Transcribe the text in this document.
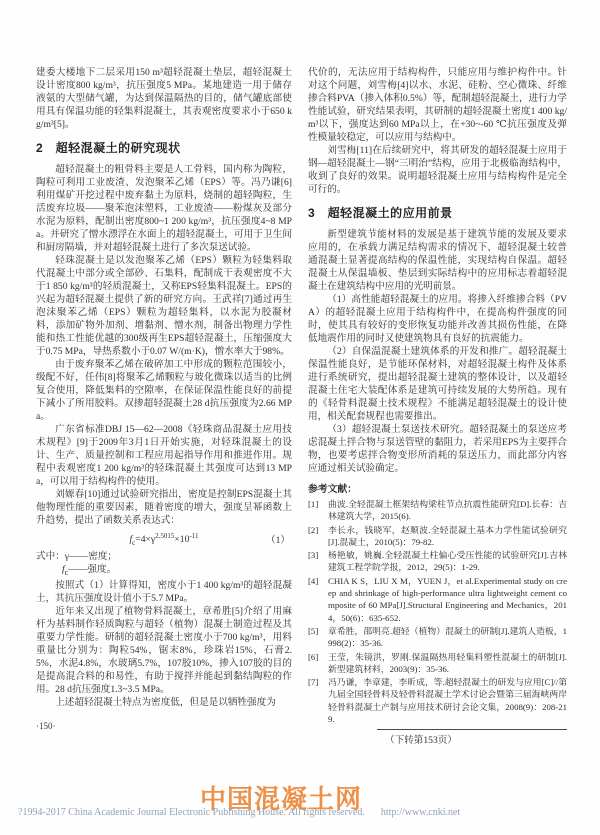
建委大楼地下二层采用150 m³超轻混凝土垫层，超轻混凝土设计密度800 kg/m³，抗压强度5 MPa。某地建造一用于储存液氨的大型储气罐，为达到保温隔热的目的，储气罐底部使用具有保温功能的轻集料混凝土，其表观密度要求小于650 kg/m³[5]。

2　超轻混凝土的研究现状

超轻混凝土的粗骨料主要是人工骨料，国内称为陶粒，陶粒可利用工业废渣、发泡聚苯乙烯（EPS）等。冯乃谦[6]利用煤矿开挖过程中废弃黏土为原料，烧制的超轻陶粒，生活废弃垃圾——聚苯泡沫塑料，工业废渣——粉煤灰及部分水泥为原料，配制出密度800~1 200 kg/m³，抗压强度4~8 MPa。并研究了憎水漂浮在水面上的超轻混凝土，可用于卫生间和厨房隔墙，并对超轻混凝土进行了多次泵送试验。

轻珠混凝土是以发泡聚苯乙烯（EPS）颗粒为轻集料取代混凝土中部分或全部砂、石集料，配制成干表观密度不大于1 850 kg/m³的轻质混凝土，又称EPS轻集料混凝土。EPS的兴起为超轻混凝土提供了新的研究方向。王武祥[7]通过再生泡沫聚苯乙烯（EPS）颗粒为超轻集料，以水泥为胶凝材料，添加矿物外加剂、增黏剂、憎水剂，制备出物理力学性能和热工性能优越的300级再生EPS超轻混凝土，压缩强度大于0.75 MPa，导热系数小于0.07 W/(m·K)，憎水率大于98%。

由于废弃聚苯乙烯在破碎加工中形成的颗粒范围较小，级配不好，任伟[8]将聚苯乙烯颗粒与玻化微珠以适当的比例复合使用，降低集料的空隙率，在保证保温性能良好的前提下减小了所用胶料。双掺超轻混凝土28 d抗压强度为2.66 MPa。

广东省标准DBJ 15—62—2008《轻珠商品混凝土应用技术规程》[9]于2009年3月1日开始实施，对轻珠混凝土的设计、生产、质量控制和工程应用起指导作用和推进作用。规程中表观密度1 200 kg/m³的轻珠混凝土其强度可达到13 MPa，可以用于结构构件的使用。

刘嫄春[10]通过试验研究指出，密度是控制EPS混凝土其他物理性能的重要因素，随着密度的增大，强度呈幂函数上升趋势，提出了函数关系表达式：

$f_c=4\times\gamma^{2.5015}\times 10^{-11}$	（1）

式中：γ——密度；

$f_c——$强度。

按照式（1）计算得知，密度小于1 400 kg/m³的超轻混凝土，其抗压强度设计值小于5.7 MPa。

近年来又出现了植物骨料混凝土，章希胜[5]介绍了用麻杆为基料制作轻质陶粒与超轻（植物）混凝土制造过程及其重要力学性能。研制的超轻混凝土密度小于700 kg/m³，用料重量比分别为：陶粒54%，锯末8%，珍珠岩15%，石膏2.5%，水泥4.8%，水玻璃5.7%，107胶10%，掺入107胶的目的是提高混合料的和易性，有助于搅拌并能起到黏结陶粒的作用。28 d抗压强度1.3~3.5 MPa。

上述超轻混凝土特点为密度低，但是是以牺牲强度为

·150·

代价的，无法应用于结构构件，只能应用与维护构件中。针对这个问题，刘雪梅[4]以水、水泥、硅粉、空心微珠、纤维掺合料PVA（掺入体积0.5%）等，配制超轻混凝土，进行力学性能试验，研究结果表明，其研制的超轻混凝土密度1 400 kg/m³以下，强度达到60 MPa以上，在+30~-60 ℃抗压强度及弹性模量较稳定，可以应用与结构中。

刘雪梅[11]在后续研究中，将其研发的超轻混凝土应用于钢—超轻混凝土—钢“三明治”结构，应用于北极临海结构中，收到了良好的效果。说明超轻混凝土应用与结构构件是完全可行的。

3　超轻混凝土的应用前景

新型建筑节能材料的发展是基于建筑节能的发展及要求应用的，在承载力满足结构需求的情况下，超轻混凝土较普通混凝土显著提高结构的保温性能，实现结构自保温。超轻混凝土从保温墙板、垫层到实际结构中的应用标志着超轻混凝土在建筑结构中应用的光明前景。

（1）高性能超轻混凝土的应用。将掺入纤维掺合料（PVA）的超轻混凝土应用于结构构件中，在提高构件强度的同时，使其具有较好的变形恢复功能并改善其损伤性能，在降低地震作用的同时又使建筑物具有良好的抗震能力。

（2）自保温混凝土建筑体系的开发和推广。超轻混凝土保温性能良好，是节能环保材料，对超轻混凝土构件及体系进行系统研究，提出超轻混凝土建筑的整体设计，以及超轻混凝土住宅大装配体系是建筑可持续发展的大势所趋。现有的《轻骨料混凝土技术规程》不能满足超轻混凝土的设计使用，相关配套规程也需要推出。

（3）超轻混凝土泵送技术研究。超轻混凝土的泵送应考虑混凝土拌合物与泵送管壁的黏阻力，若采用EPS为主要拌合物，也要考虑拌合物变形所消耗的泵送压力，而此部分内容应通过相关试验确定。

参考文献：
[1]	曲波.全轻混凝土框架结构梁柱节点抗震性能研究[D].长春：吉林建筑大学，2015(6).
[2]	李长永，钱晓军，赵顺波.全轻混凝土基本力学性能试验研究[J].混凝土，2010(5)：79-82.
[3]	杨艳敏，姚巍.全轻混凝土柱偏心受压性能的试验研究[J].吉林建筑工程学院学报，2012，29(5)：1-29.
[4]	CHIA K S，LIU X M，YUEN J，et al.Experimental study on creep and shrinkage of high-performance ultra lightweight cement composite of 60 MPa[J].Structural Engineering and Mechanics，2014，50(6)：635-652.
[5]	章希胜，邵明亮.超轻（植物）混凝土的研制[J].建筑人造板，1998(2)：35-36.
[6]	王莹，朱镜洪，罗刚.保温隔热用轻集料塑性混凝土的研制[J].新型建筑材料，2003(9)：35-36.
[7]	冯乃谦，李章建，李昕成，等.超轻混凝土的研发与应用[C]//第九届全国轻骨料及轻骨料混凝土学术讨论会暨第三届海峡两岸轻骨料混凝土产制与应用技术研讨会论文集，2008(9)：208-219.
（下转第153页）
中国混凝土网
?1994-2017 China Academic Journal Electronic Publishing House. All rights reserved. http://www.cnki.net
